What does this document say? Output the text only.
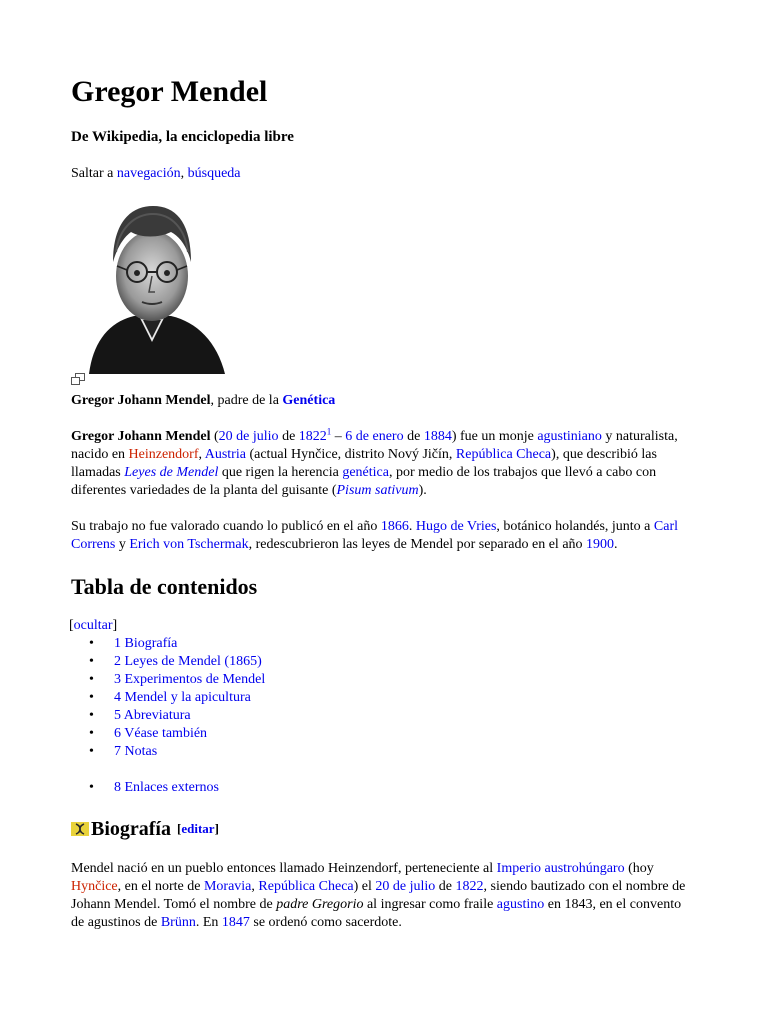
Gregor Mendel
De Wikipedia, la enciclopedia libre
Saltar a navegación, búsqueda
Gregor Johann Mendel, padre de la Genética
Gregor Johann Mendel (20 de julio de 1822$^1$ – 6 de enero de 1884) fue un monje agustiniano y naturalista, nacido en Heinzendorf, Austria (actual Hynčice, distrito Nový Jičín, República Checa), que describió las llamadas Leyes de Mendel que rigen la herencia genética, por medio de los trabajos que llevó a cabo con diferentes variedades de la planta del guisante (Pisum sativum).
Su trabajo no fue valorado cuando lo publicó en el año 1866. Hugo de Vries, botánico holandés, junto a Carl Correns y Erich von Tschermak, redescubrieron las leyes de Mendel por separado en el año 1900.
Tabla de contenidos
[ocultar]
• 1 Biografía
• 2 Leyes de Mendel (1865)
• 3 Experimentos de Mendel
• 4 Mendel y la apicultura
• 5 Abreviatura
• 6 Véase también
• 7 Notas
• 8 Enlaces externos
Biografía [editar]
Mendel nació en un pueblo entonces llamado Heinzendorf, perteneciente al Imperio austrohúngaro (hoy Hynčice, en el norte de Moravia, República Checa) el 20 de julio de 1822, siendo bautizado con el nombre de Johann Mendel. Tomó el nombre de padre Gregorio al ingresar como fraile agustino en 1843, en el convento de agustinos de Brünn. En 1847 se ordenó como sacerdote.
